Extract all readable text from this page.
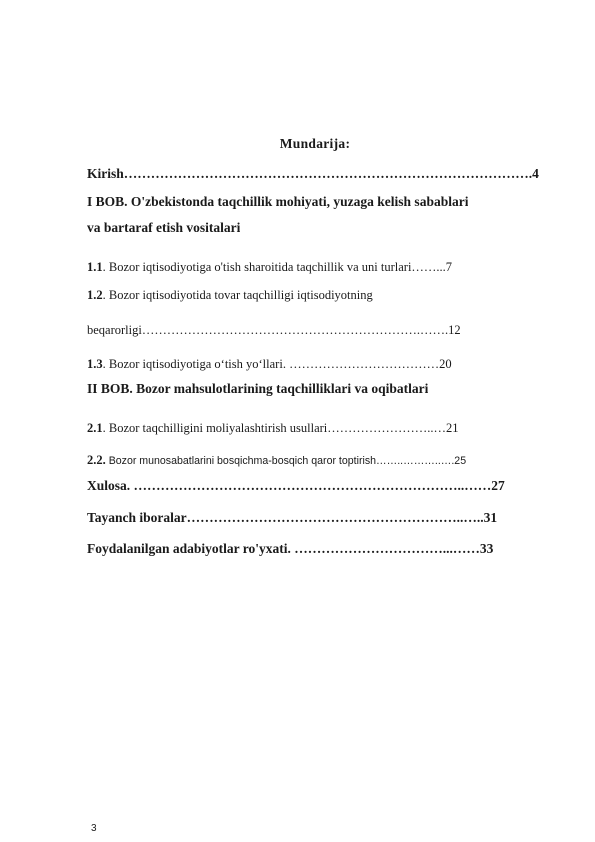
Mundarija:
Kirish……………………………………………………………………………….4
I BOB. O'zbekistonda taqchillik mohiyati, yuzaga kelish sabablari
va bartaraf etish vositalari
1.1. Bozor iqtisodiyotiga o'tish sharoitida taqchillik va uni turlari……...7
1.2. Bozor iqtisodiyotida tovar taqchilligi iqtisodiyotning
beqarorligi………………………………………………………….…….12
1.3. Bozor iqtisodiyotiga o‘tish yo‘llari. ………………………………20
II BOB. Bozor mahsulotlarining taqchilliklari va oqibatlari
2.1. Bozor taqchilligini moliyalashtirish usullari……………………..…21
2.2. Bozor munosabatlarini bosqichma-bosqich qaror toptirish……..………..….25
Xulosa. ………………………………………………………………..……27
Tayanch iboralar……………………………………………………..…..31
Foydalanilgan adabiyotlar ro'yxati. ……………………………...……33
3
